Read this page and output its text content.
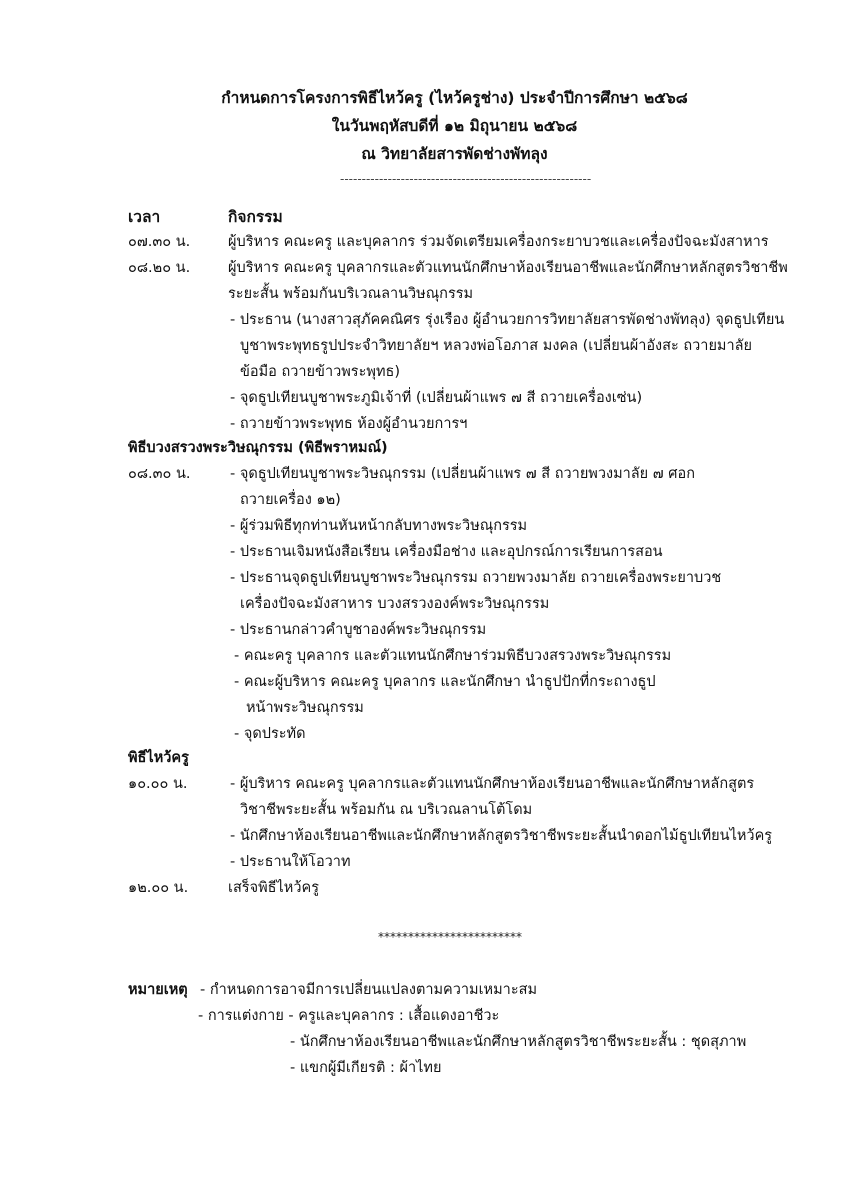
กำหนดการโครงการพิธีไหว้ครู (ไหว้ครูช่าง) ประจำปีการศึกษา ๒๕๖๘
ในวันพฤหัสบดีที่ ๑๒ มิถุนายน ๒๕๖๘
ณ วิทยาลัยสารพัดช่างพัทลุง
----------------------------------------------------------
เวลา	กิจกรรม
๐๗.๓๐ น.	ผู้บริหาร คณะครู และบุคลากร ร่วมจัดเตรียมเครื่องกระยาบวชและเครื่องปัจฉะมังสาหาร
๐๘.๒๐ น.	ผู้บริหาร คณะครู บุคลากรและตัวแทนนักศึกษาห้องเรียนอาชีพและนักศึกษาหลักสูตรวิชาชีพ
ระยะสั้น พร้อมกันบริเวณลานวิษณุกรรม
- ประธาน (นางสาวสุภัคคณิศร รุ่งเรือง ผู้อำนวยการวิทยาลัยสารพัดช่างพัทลุง) จุดธูปเทียน
บูชาพระพุทธรูปประจำวิทยาลัยฯ หลวงพ่อโอภาส มงคล (เปลี่ยนผ้าอังสะ ถวายมาลัย
ข้อมือ ถวายข้าวพระพุทธ)
- จุดธูปเทียนบูชาพระภูมิเจ้าที่ (เปลี่ยนผ้าแพร ๗ สี ถวายเครื่องเซ่น)
- ถวายข้าวพระพุทธ ห้องผู้อำนวยการฯ
พิธีบวงสรวงพระวิษณุกรรม (พิธีพราหมณ์)
๐๘.๓๐ น.	- จุดธูปเทียนบูชาพระวิษณุกรรม (เปลี่ยนผ้าแพร ๗ สี ถวายพวงมาลัย ๗ ศอก
ถวายเครื่อง ๑๒)
- ผู้ร่วมพิธีทุกท่านหันหน้ากลับทางพระวิษณุกรรม
- ประธานเจิมหนังสือเรียน เครื่องมือช่าง และอุปกรณ์การเรียนการสอน
- ประธานจุดธูปเทียนบูชาพระวิษณุกรรม ถวายพวงมาลัย ถวายเครื่องพระยาบวช
เครื่องปัจฉะมังสาหาร บวงสรวงองค์พระวิษณุกรรม
- ประธานกล่าวคำบูชาองค์พระวิษณุกรรม
- คณะครู บุคลากร และตัวแทนนักศึกษาร่วมพิธีบวงสรวงพระวิษณุกรรม
- คณะผู้บริหาร คณะครู บุคลากร และนักศึกษา นำธูปปักที่กระถางธูป
หน้าพระวิษณุกรรม
- จุดประทัด
พิธีไหว้ครู
๑๐.๐๐ น.	- ผู้บริหาร คณะครู บุคลากรและตัวแทนนักศึกษาห้องเรียนอาชีพและนักศึกษาหลักสูตร
วิชาชีพระยะสั้น พร้อมกัน ณ บริเวณลานโต้โดม
- นักศึกษาห้องเรียนอาชีพและนักศึกษาหลักสูตรวิชาชีพระยะสั้นนำดอกไม้ธูปเทียนไหว้ครู
- ประธานให้โอวาท
๑๒.๐๐ น.	เสร็จพิธีไหว้ครู
************************
หมายเหตุ - กำหนดการอาจมีการเปลี่ยนแปลงตามความเหมาะสม
- การแต่งกาย - ครูและบุคลากร : เสื้อแดงอาชีวะ
- นักศึกษาห้องเรียนอาชีพและนักศึกษาหลักสูตรวิชาชีพระยะสั้น : ชุดสุภาพ
- แขกผู้มีเกียรติ : ผ้าไทย
